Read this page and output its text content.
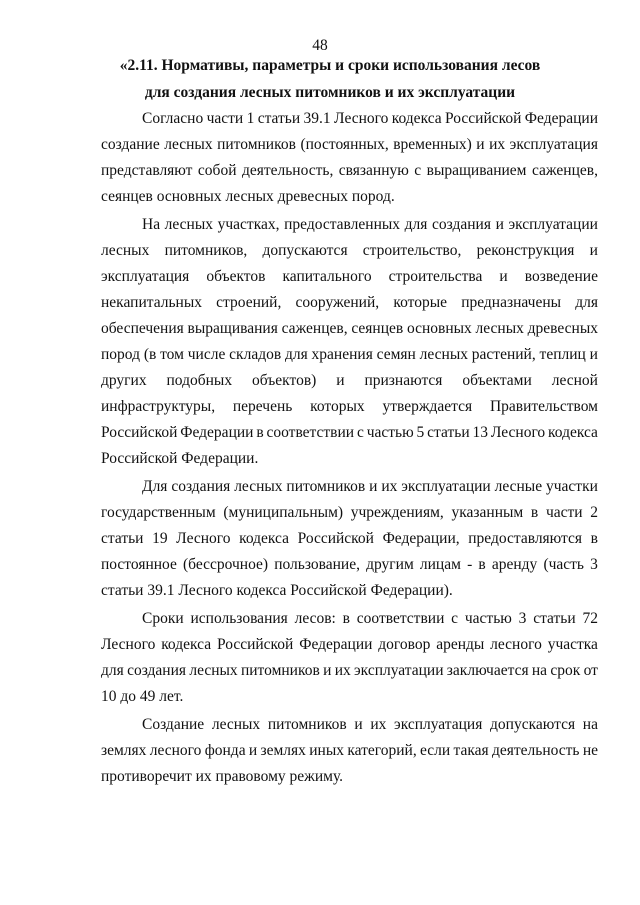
48
«2.11. Нормативы, параметры и сроки использования лесов
для создания лесных питомников и их эксплуатации
Согласно части 1 статьи 39.1 Лесного кодекса Российской Федерации
создание лесных питомников (постоянных, временных) и их эксплуатация
представляют собой деятельность, связанную с выращиванием саженцев,
сеянцев основных лесных древесных пород.
На лесных участках, предоставленных для создания и эксплуатации
лесных питомников, допускаются строительство, реконструкция и
эксплуатация объектов капитального строительства и возведение
некапитальных строений, сооружений, которые предназначены для
обеспечения выращивания саженцев, сеянцев основных лесных древесных
пород (в том числе складов для хранения семян лесных растений, теплиц и
других подобных объектов) и признаются объектами лесной
инфраструктуры, перечень которых утверждается Правительством
Российской Федерации в соответствии с частью 5 статьи 13 Лесного кодекса
Российской Федерации.
Для создания лесных питомников и их эксплуатации лесные участки
государственным (муниципальным) учреждениям, указанным в части 2
статьи 19 Лесного кодекса Российской Федерации, предоставляются в
постоянное (бессрочное) пользование, другим лицам - в аренду (часть 3
статьи 39.1 Лесного кодекса Российской Федерации).
Сроки использования лесов: в соответствии с частью 3 статьи 72
Лесного кодекса Российской Федерации договор аренды лесного участка
для создания лесных питомников и их эксплуатации заключается на срок от
10 до 49 лет.
Создание лесных питомников и их эксплуатация допускаются на
землях лесного фонда и землях иных категорий, если такая деятельность не
противоречит их правовому режиму.
